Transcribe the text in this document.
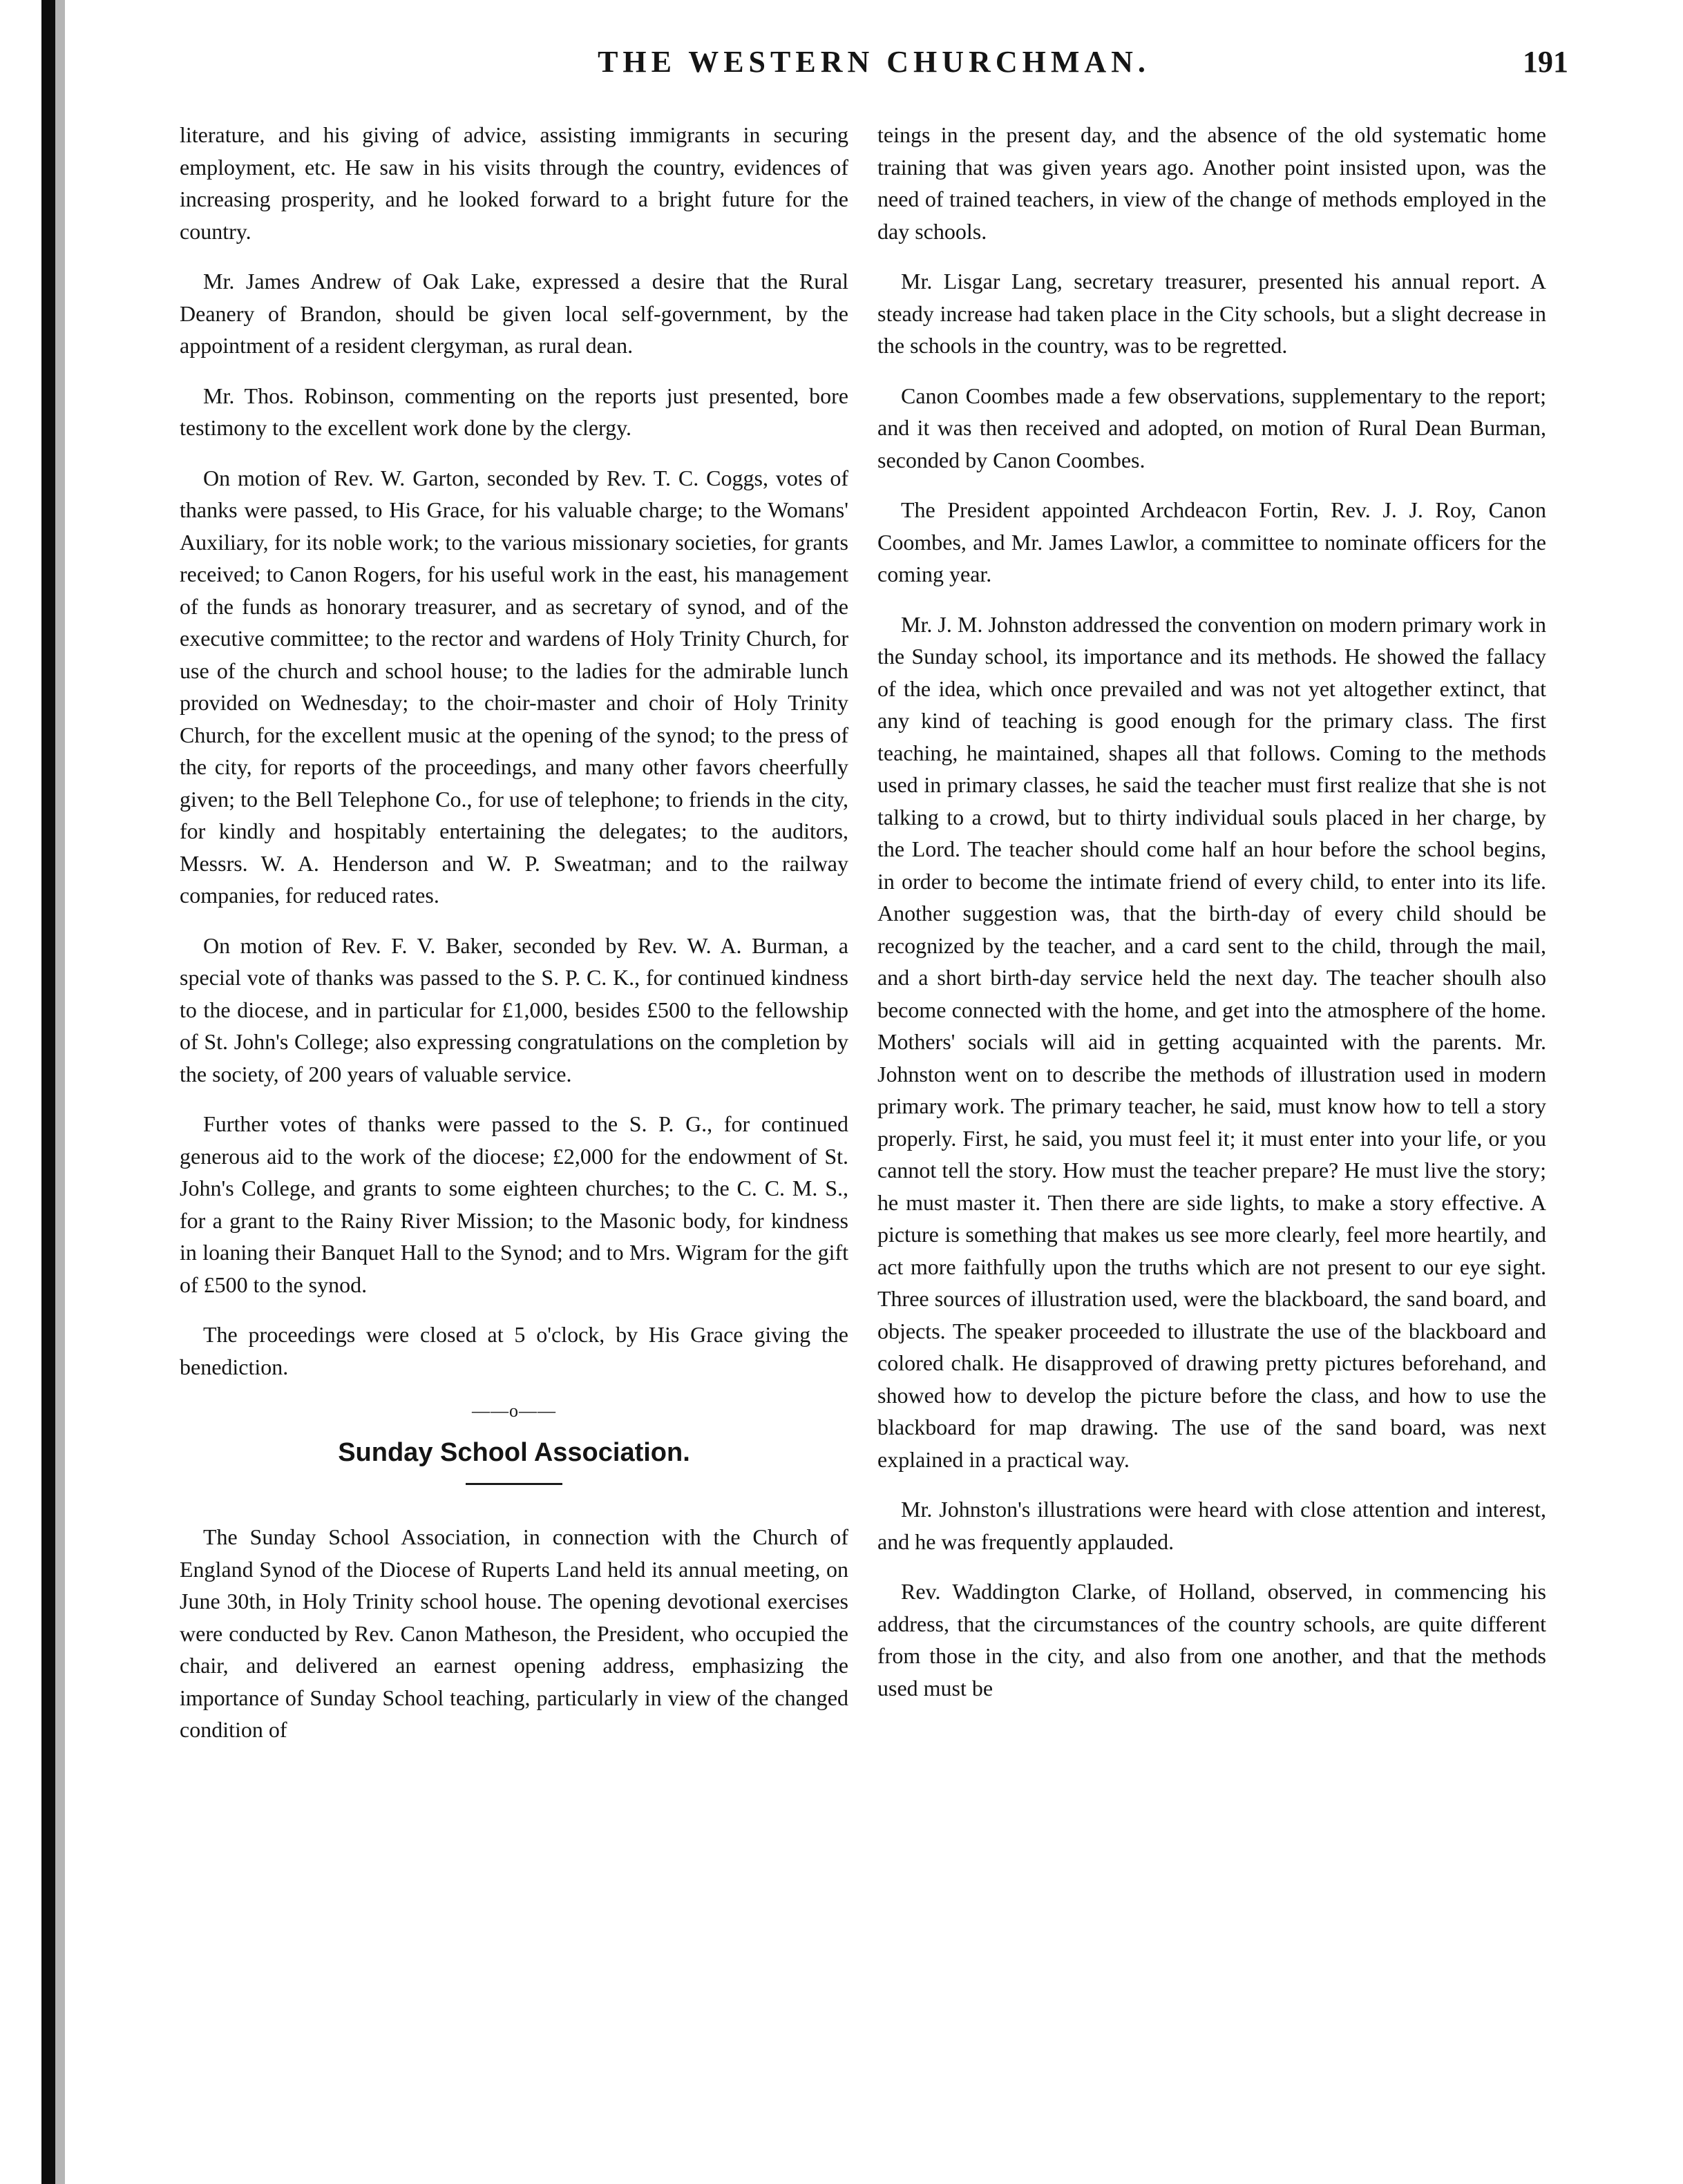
THE WESTERN CHURCHMAN.	191

literature, and his giving of advice, assisting immigrants in securing employment, etc. He saw in his visits through the country, evidences of increasing prosperity, and he looked forward to a bright future for the country.

Mr. James Andrew of Oak Lake, expressed a desire that the Rural Deanery of Brandon, should be given local self-government, by the appointment of a resident clergyman, as rural dean.

Mr. Thos. Robinson, commenting on the reports just presented, bore testimony to the excellent work done by the clergy.

On motion of Rev. W. Garton, seconded by Rev. T. C. Coggs, votes of thanks were passed, to His Grace, for his valuable charge; to the Womans' Auxiliary, for its noble work; to the various missionary societies, for grants received; to Canon Rogers, for his useful work in the east, his management of the funds as honorary treasurer, and as secretary of synod, and of the executive committee; to the rector and wardens of Holy Trinity Church, for use of the church and school house; to the ladies for the admirable lunch provided on Wednesday; to the choir-master and choir of Holy Trinity Church, for the excellent music at the opening of the synod; to the press of the city, for reports of the proceedings, and many other favors cheerfully given; to the Bell Telephone Co., for use of telephone; to friends in the city, for kindly and hospitably entertaining the delegates; to the auditors, Messrs. W. A. Henderson and W. P. Sweatman; and to the railway companies, for reduced rates.

On motion of Rev. F. V. Baker, seconded by Rev. W. A. Burman, a special vote of thanks was passed to the S. P. C. K., for continued kindness to the diocese, and in particular for £1,000, besides £500 to the fellowship of St. John's College; also expressing congratulations on the completion by the society, of 200 years of valuable service.

Further votes of thanks were passed to the S. P. G., for continued generous aid to the work of the diocese; £2,000 for the endowment of St. John's College, and grants to some eighteen churches; to the C. C. M. S., for a grant to the Rainy River Mission; to the Masonic body, for kindness in loaning their Banquet Hall to the Synod; and to Mrs. Wigram for the gift of £500 to the synod.

The proceedings were closed at 5 o'clock, by His Grace giving the benediction.

——o——
Sunday School Association.

The Sunday School Association, in connection with the Church of England Synod of the Diocese of Ruperts Land held its annual meeting, on June 30th, in Holy Trinity school house. The opening devotional exercises were conducted by Rev. Canon Matheson, the President, who occupied the chair, and delivered an earnest opening address, emphasizing the importance of Sunday School teaching, particularly in view of the changed condition of

teings in the present day, and the absence of the old systematic home training that was given years ago. Another point insisted upon, was the need of trained teachers, in view of the change of methods employed in the day schools.

Mr. Lisgar Lang, secretary treasurer, presented his annual report. A steady increase had taken place in the City schools, but a slight decrease in the schools in the country, was to be regretted.

Canon Coombes made a few observations, supplementary to the report; and it was then received and adopted, on motion of Rural Dean Burman, seconded by Canon Coombes.

The President appointed Archdeacon Fortin, Rev. J. J. Roy, Canon Coombes, and Mr. James Lawlor, a committee to nominate officers for the coming year.

Mr. J. M. Johnston addressed the convention on modern primary work in the Sunday school, its importance and its methods. He showed the fallacy of the idea, which once prevailed and was not yet altogether extinct, that any kind of teaching is good enough for the primary class. The first teaching, he maintained, shapes all that follows. Coming to the methods used in primary classes, he said the teacher must first realize that she is not talking to a crowd, but to thirty individual souls placed in her charge, by the Lord. The teacher should come half an hour before the school begins, in order to become the intimate friend of every child, to enter into its life. Another suggestion was, that the birth-day of every child should be recognized by the teacher, and a card sent to the child, through the mail, and a short birth-day service held the next day. The teacher shoulh also become connected with the home, and get into the atmosphere of the home. Mothers' socials will aid in getting acquainted with the parents. Mr. Johnston went on to describe the methods of illustration used in modern primary work. The primary teacher, he said, must know how to tell a story properly. First, he said, you must feel it; it must enter into your life, or you cannot tell the story. How must the teacher prepare? He must live the story; he must master it. Then there are side lights, to make a story effective. A picture is something that makes us see more clearly, feel more heartily, and act more faithfully upon the truths which are not present to our eye sight. Three sources of illustration used, were the blackboard, the sand board, and objects. The speaker proceeded to illustrate the use of the blackboard and colored chalk. He disapproved of drawing pretty pictures beforehand, and showed how to develop the picture before the class, and how to use the blackboard for map drawing. The use of the sand board, was next explained in a practical way.

Mr. Johnston's illustrations were heard with close attention and interest, and he was frequently applauded.

Rev. Waddington Clarke, of Holland, observed, in commencing his address, that the circumstances of the country schools, are quite different from those in the city, and also from one another, and that the methods used must be
